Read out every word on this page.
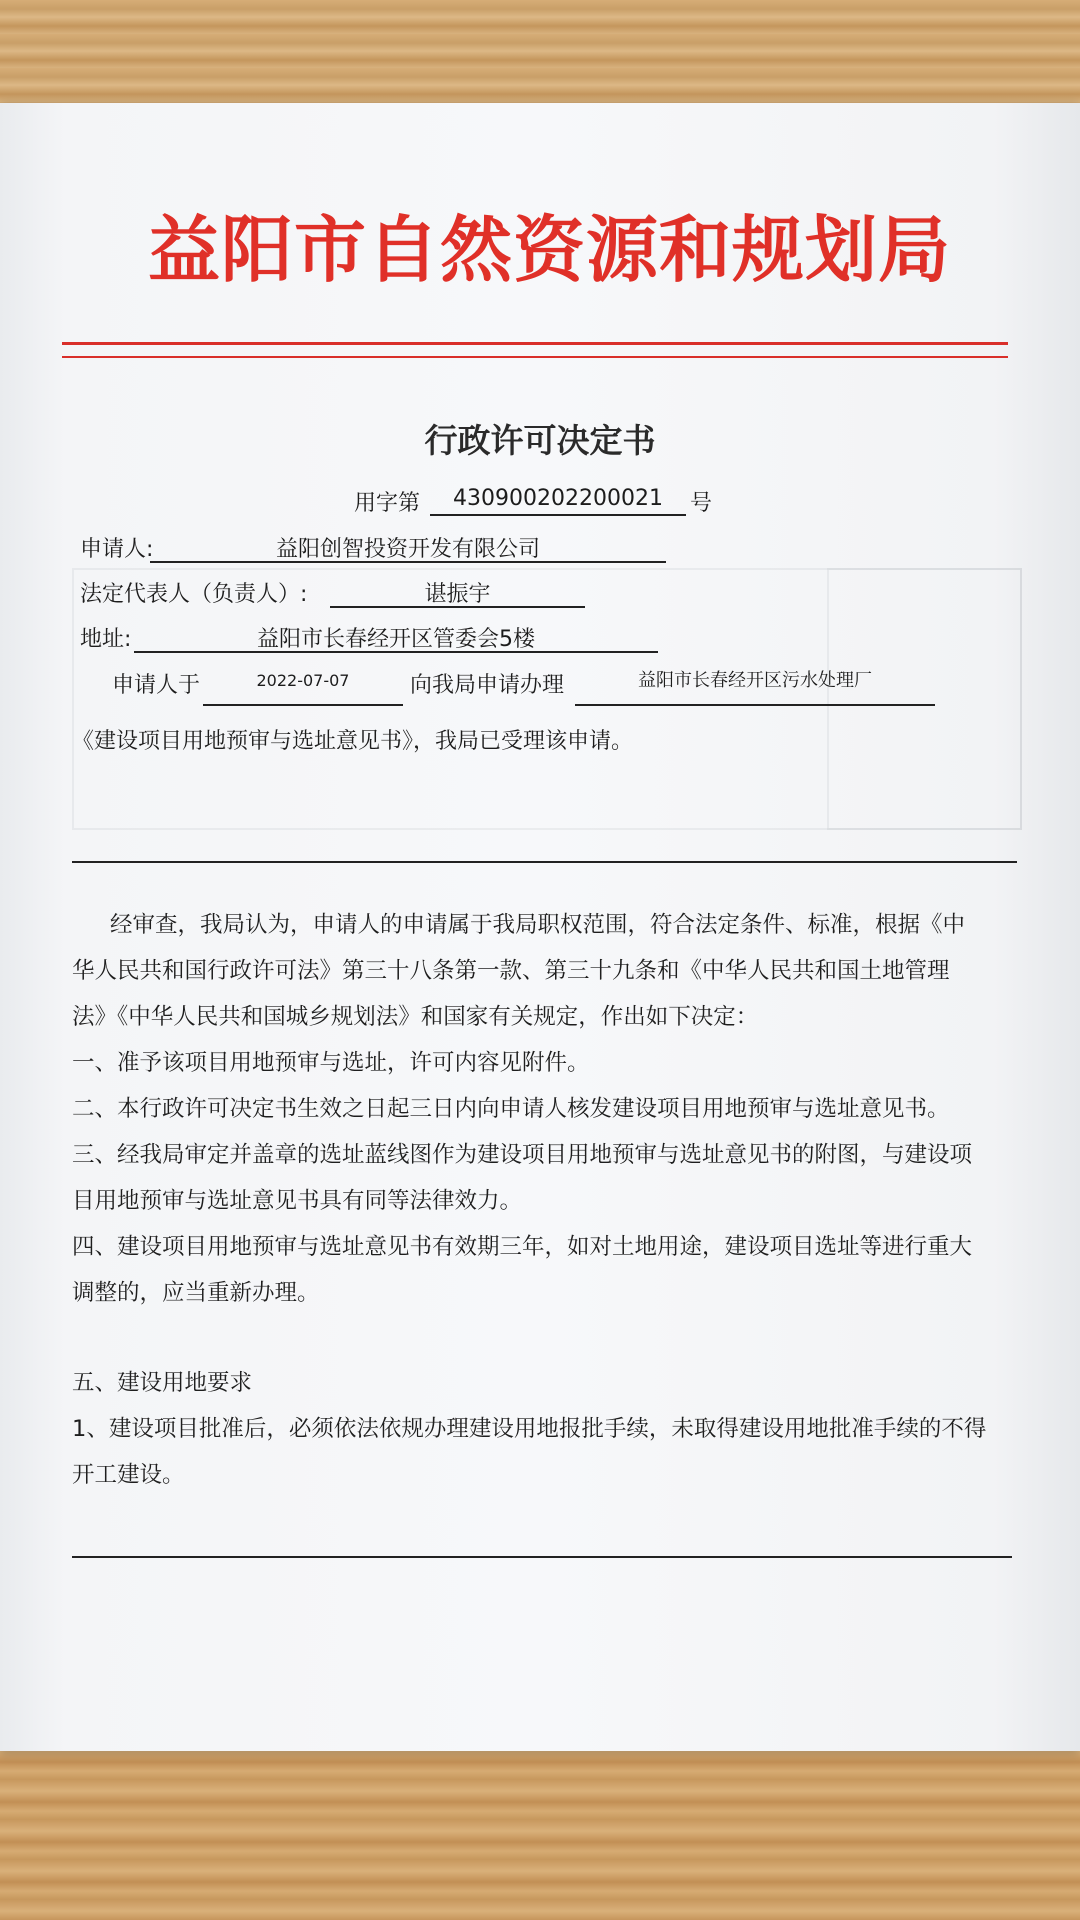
益阳市自然资源和规划局
行政许可决定书
用字第	430900202200021	号
申请人:	益阳创智投资开发有限公司
法定代表人（负责人）:	谌振宇
地址:	益阳市长春经开区管委会5楼
申请人于	2022-07-07	向我局申请办理	益阳市长春经开区污水处理厂
《建设项目用地预审与选址意见书》，我局已受理该申请。
经审查，我局认为，申请人的申请属于我局职权范围，符合法定条件、标准，根据《中
华人民共和国行政许可法》第三十八条第一款、第三十九条和《中华人民共和国土地管理
法》《中华人民共和国城乡规划法》和国家有关规定，作出如下决定：
一、准予该项目用地预审与选址，许可内容见附件。
二、本行政许可决定书生效之日起三日内向申请人核发建设项目用地预审与选址意见书。
三、经我局审定并盖章的选址蓝线图作为建设项目用地预审与选址意见书的附图，与建设项
目用地预审与选址意见书具有同等法律效力。
四、建设项目用地预审与选址意见书有效期三年，如对土地用途，建设项目选址等进行重大
调整的，应当重新办理。
五、建设用地要求
1、建设项目批准后，必须依法依规办理建设用地报批手续，未取得建设用地批准手续的不得
开工建设。
